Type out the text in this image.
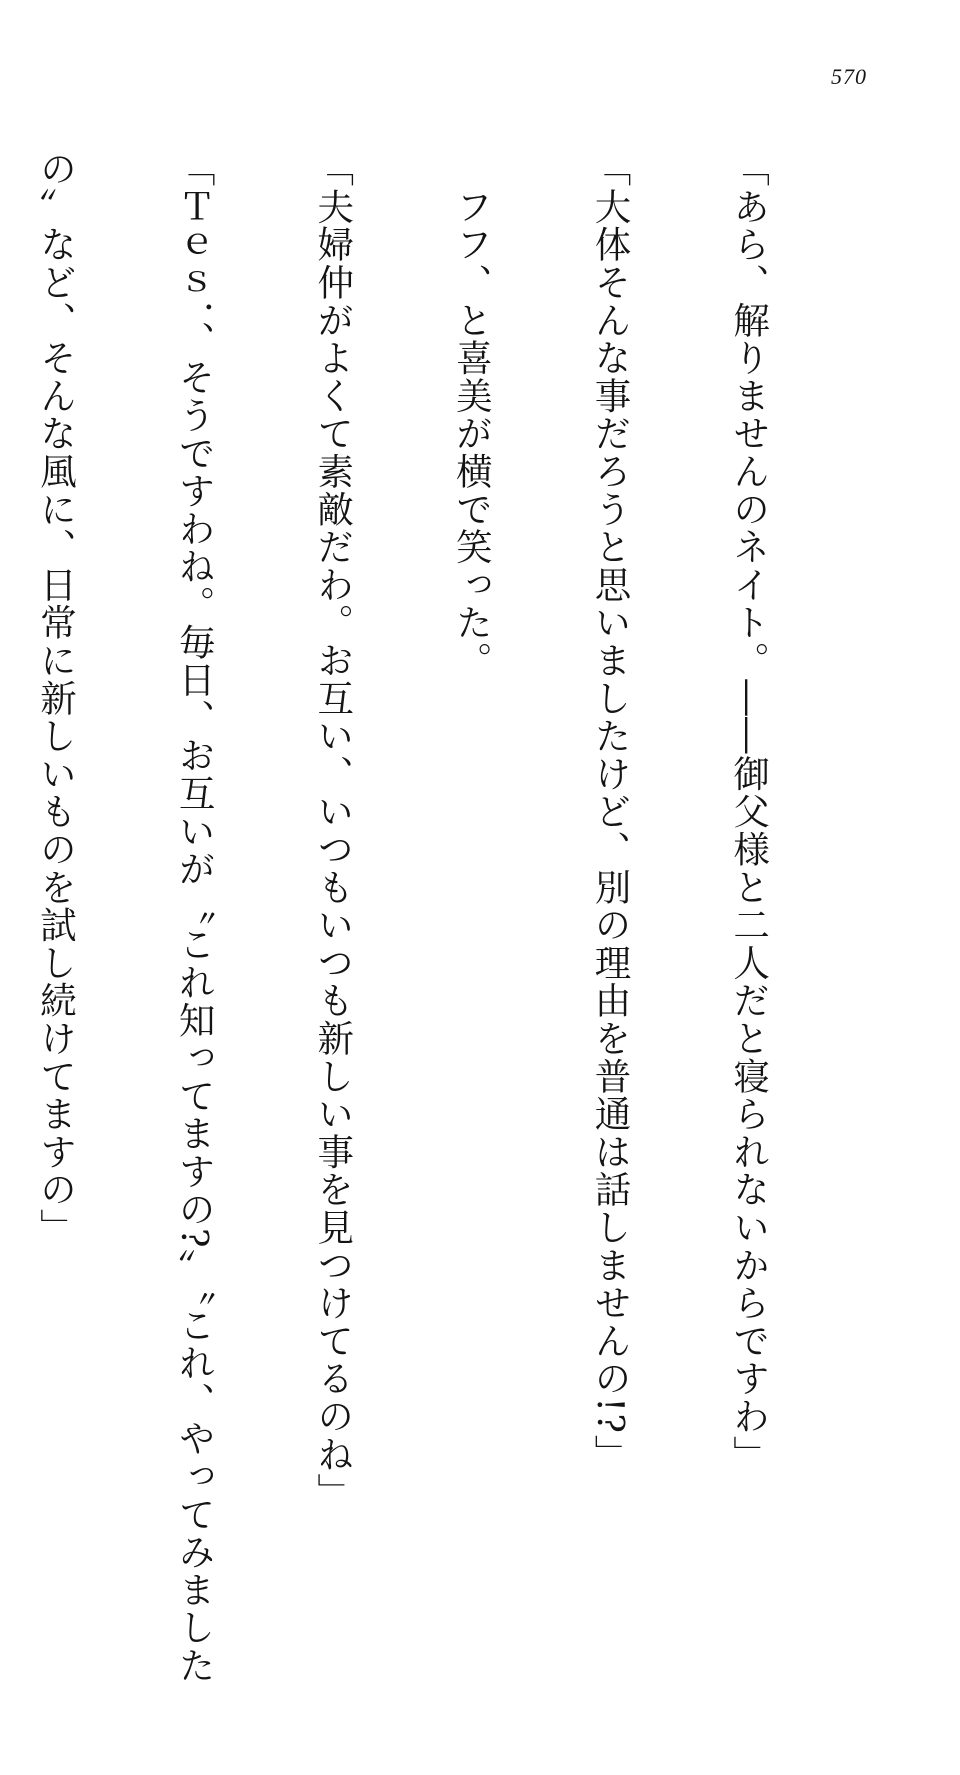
570

「あら、解りませんのネイト。――御父様と二人だと寝られないからですわ」

「大体そんな事だろうと思いましたけど、別の理由を普通は話しませんの!?」

　フフ、と喜美が横で笑った。

「夫婦仲がよくて素敵だわ。お互い、いつもいつも新しい事を見つけてるのね」

「Ｔｅｓ．、そうですわね。毎日、お互いが〝これ知ってますの?〟〝これ、やってみました

の〟など、そんな風に、日常に新しいものを試し続けてますの」
